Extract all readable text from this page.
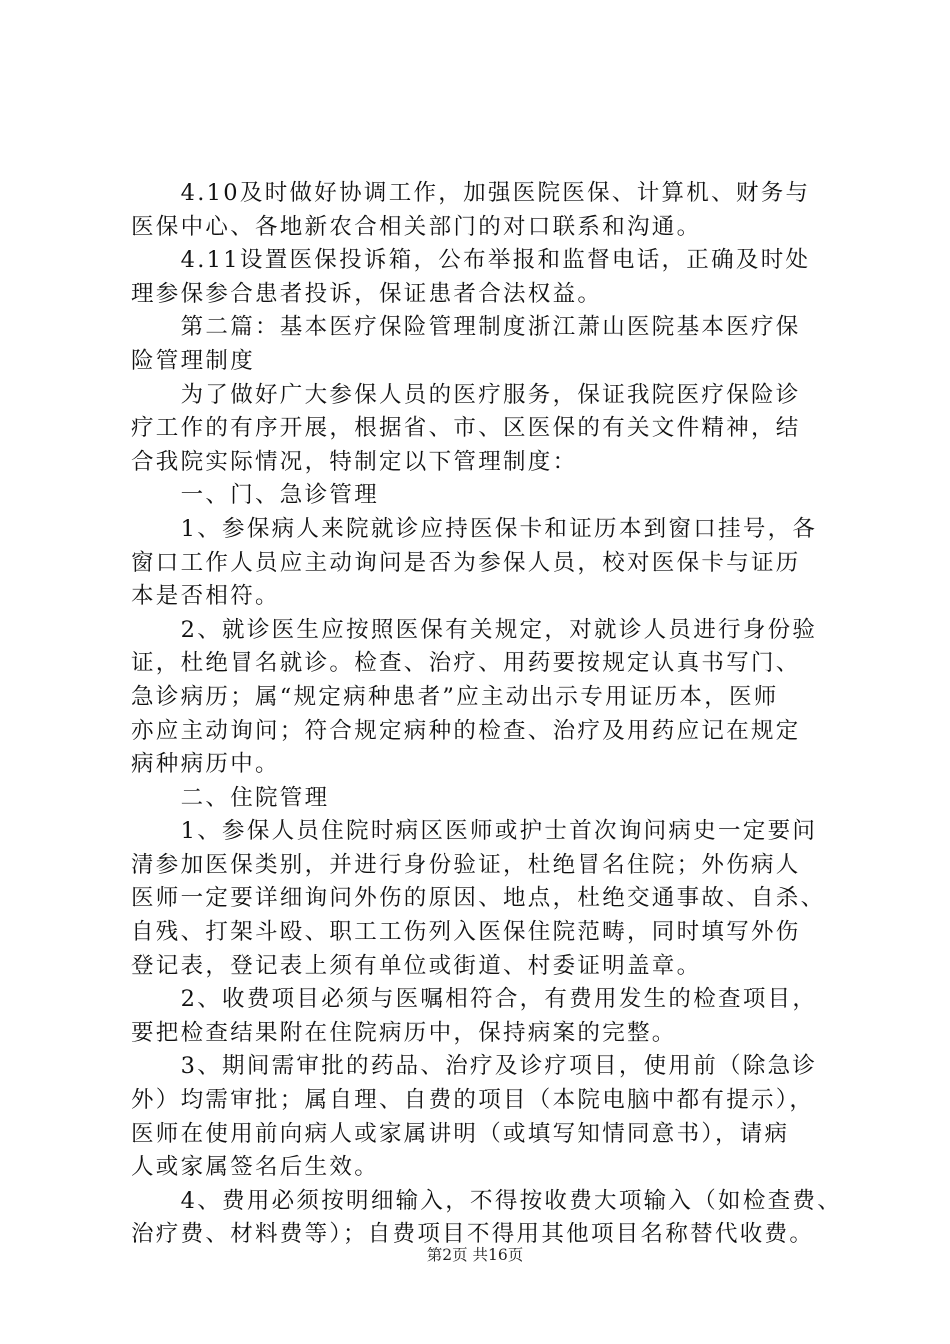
　　4.10及时做好协调工作，加强医院医保、计算机、财务与
医保中心、各地新农合相关部门的对口联系和沟通。
　　4.11设置医保投诉箱，公布举报和监督电话，正确及时处
理参保参合患者投诉，保证患者合法权益。
　　第二篇：基本医疗保险管理制度浙江萧山医院基本医疗保
险管理制度
　　为了做好广大参保人员的医疗服务，保证我院医疗保险诊
疗工作的有序开展，根据省、市、区医保的有关文件精神，结
合我院实际情况，特制定以下管理制度：
　　一、门、急诊管理
　　1、参保病人来院就诊应持医保卡和证历本到窗口挂号，各
窗口工作人员应主动询问是否为参保人员，校对医保卡与证历
本是否相符。
　　2、就诊医生应按照医保有关规定，对就诊人员进行身份验
证，杜绝冒名就诊。检查、治疗、用药要按规定认真书写门、
急诊病历；属“规定病种患者”应主动出示专用证历本，医师
亦应主动询问；符合规定病种的检查、治疗及用药应记在规定
病种病历中。
　　二、住院管理
　　1、参保人员住院时病区医师或护士首次询问病史一定要问
清参加医保类别，并进行身份验证，杜绝冒名住院；外伤病人
医师一定要详细询问外伤的原因、地点，杜绝交通事故、自杀、
自残、打架斗殴、职工工伤列入医保住院范畴，同时填写外伤
登记表，登记表上须有单位或街道、村委证明盖章。
　　2、收费项目必须与医嘱相符合，有费用发生的检查项目，
要把检查结果附在住院病历中，保持病案的完整。
　　3、期间需审批的药品、治疗及诊疗项目，使用前（除急诊
外）均需审批；属自理、自费的项目（本院电脑中都有提示），
医师在使用前向病人或家属讲明（或填写知情同意书），请病
人或家属签名后生效。
　　4、费用必须按明细输入，不得按收费大项输入（如检查费、
治疗费、材料费等）；自费项目不得用其他项目名称替代收费。
第2页 共16页
